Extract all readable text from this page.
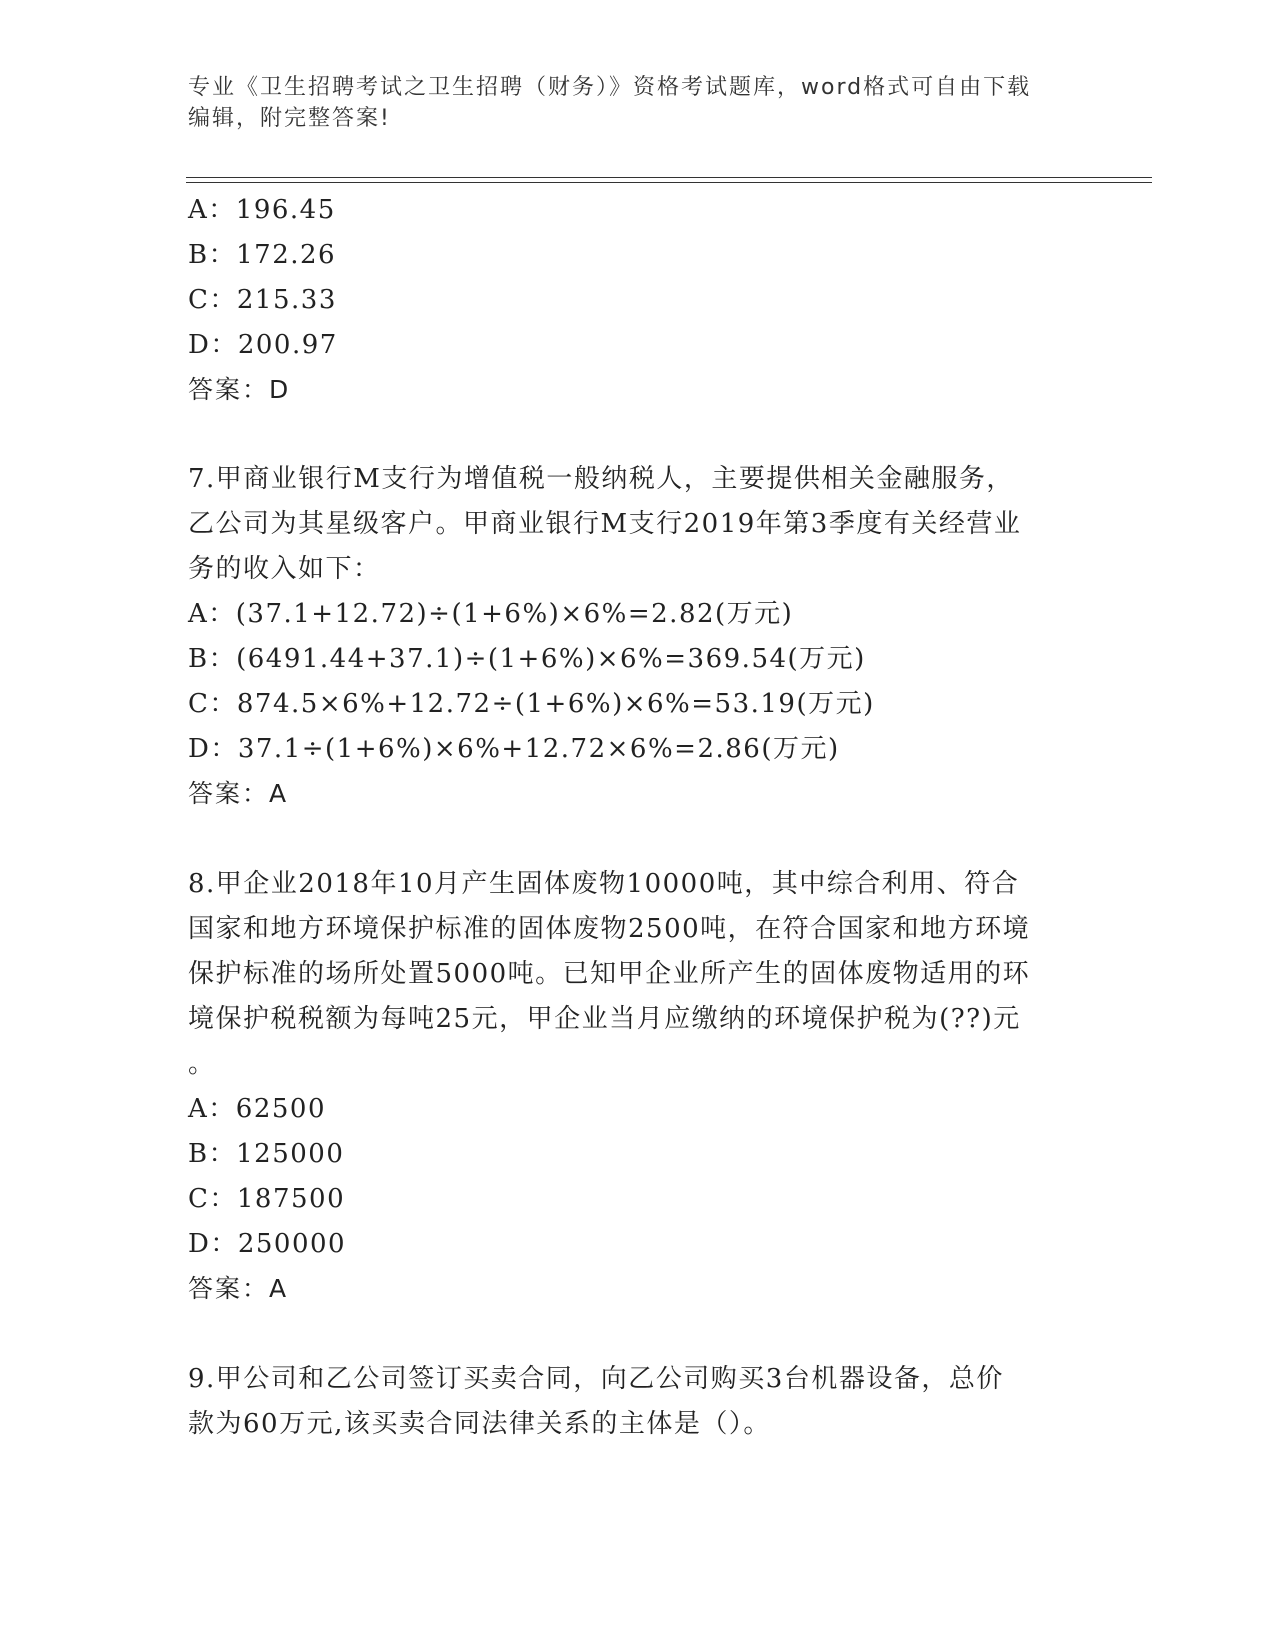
专业《卫生招聘考试之卫生招聘（财务）》资格考试题库，word格式可自由下载
编辑，附完整答案!
A：196.45
B：172.26
C：215.33
D：200.97
答案：D
7.甲商业银行M支行为增值税一般纳税人，主要提供相关金融服务，
乙公司为其星级客户。甲商业银行M支行2019年第3季度有关经营业
务的收入如下：
A：(37.1+12.72)÷(1+6%)×6%=2.82(万元)
B：(6491.44+37.1)÷(1+6%)×6%=369.54(万元)
C：874.5×6%+12.72÷(1+6%)×6%=53.19(万元)
D：37.1÷(1+6%)×6%+12.72×6%=2.86(万元)
答案：A
8.甲企业2018年10月产生固体废物10000吨，其中综合利用、符合
国家和地方环境保护标准的固体废物2500吨，在符合国家和地方环境
保护标准的场所处置5000吨。已知甲企业所产生的固体废物适用的环
境保护税税额为每吨25元，甲企业当月应缴纳的环境保护税为(??)元
。
A：62500
B：125000
C：187500
D：250000
答案：A
9.甲公司和乙公司签订买卖合同，向乙公司购买3台机器设备，总价
款为60万元,该买卖合同法律关系的主体是（）。
